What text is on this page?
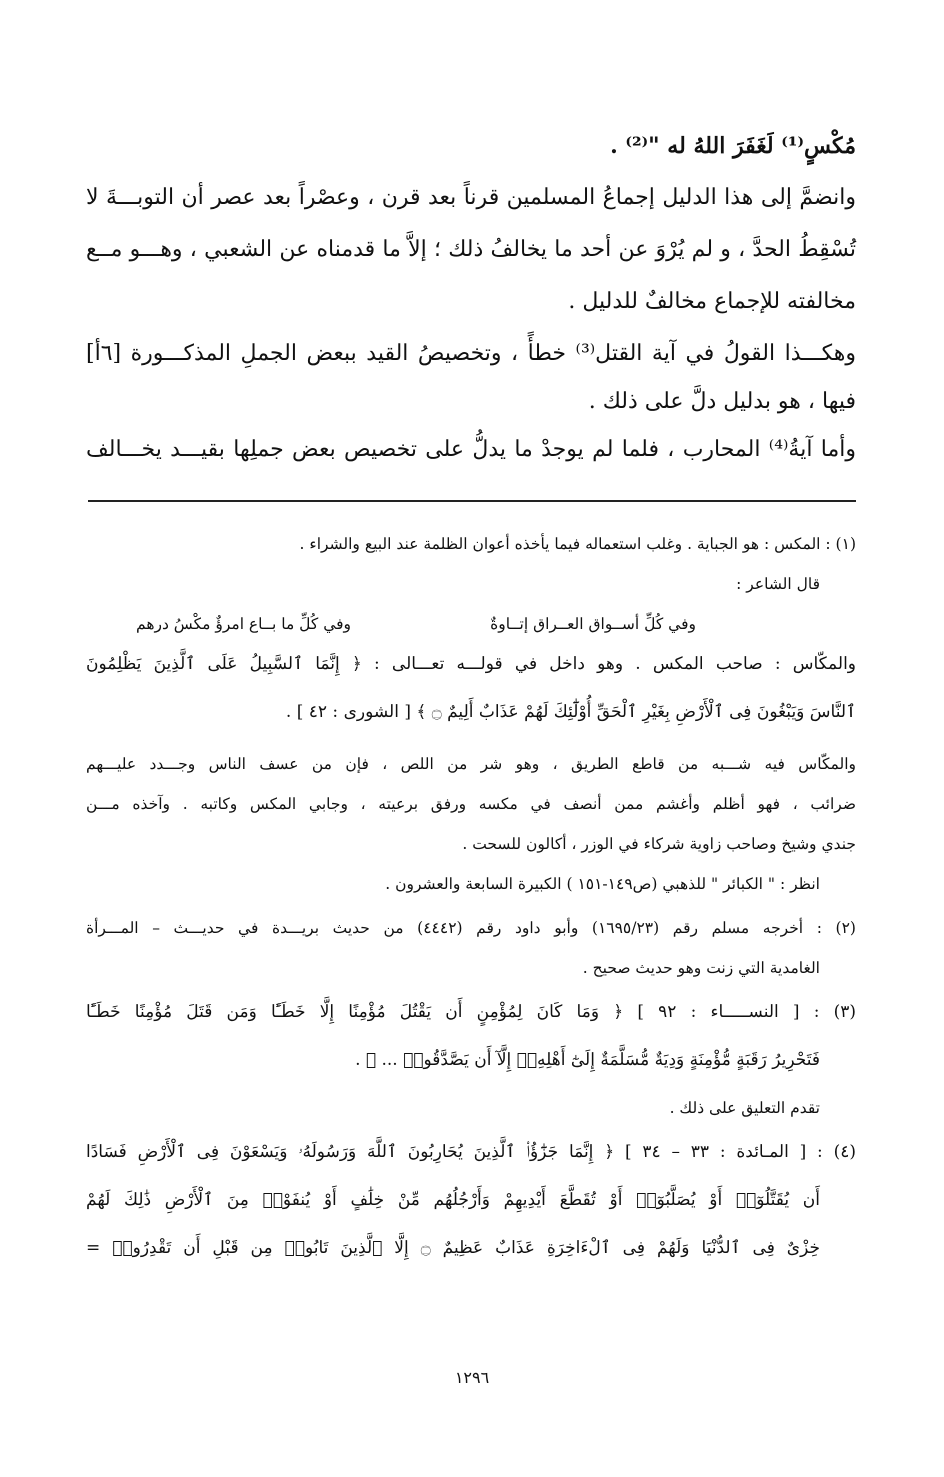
مُكْسٍ⁽¹⁾ لَغَفَرَ اللهُ له "⁽²⁾ .
وانضمَّ إلى هذا الدليل إجماعُ المسلمين قرناً بعد قرن ، وعصْراً بعد عصر أن التوبـــةَ لا
تُسْقِطُ الحدَّ ، و لم يُرْوَ عن أحد ما يخالفُ ذلك ؛ إلاَّ ما قدمناه عن الشعبي ، وهـــو مــع
مخالفته للإجماع مخالفٌ للدليل .
وهكـــذا القولُ في آية القتل⁽³⁾ خطأً ، وتخصيصُ القيد ببعض الجملِ المذكـــورة [٦أ]
فيها ، هو بدليل دلَّ على ذلك .
وأما آيةُ⁽⁴⁾ المحارب ، فلما لم يوجدْ ما يدلُّ على تخصيص بعض جملِها بقيـــد يخـــالف
(١) : المكس : هو الجباية . وغلب استعماله فيما يأخذه أعوان الظلمة عند البيع والشراء .
قال الشاعر :
وفي كُلِّ أســواق العــراق إتــاوةٌ
وفي كُلِّ ما بــاع امرؤٌ مكْسُ درهم
والمكّاس : صاحب المكس . وهو داخل في قولـــه تعـــالى : ﴿ إِنَّمَا ٱلسَّبِيلُ عَلَى ٱلَّذِينَ يَظْلِمُونَ
ٱلنَّاسَ وَيَبْغُونَ فِى ٱلْأَرْضِ بِغَيْرِ ٱلْحَقِّ أُوْلَٰٓئِكَ لَهُمْ عَذَابٌ أَلِيمٌ ۝ ﴾ [ الشورى : ٤٢ ] .
والمكّاس فيه شـــبه من قاطع الطريق ، وهو شر من اللص ، فإن من عسف الناس وجـــدد عليـــهم
ضرائب ، فهو أظلم وأغشم ممن أنصف في مكسه ورفق برعيته ، وجابي المكس وكاتبه . وآخذه مـــن
جندي وشيخ وصاحب زاوية شركاء في الوزر ، أكالون للسحت .
انظر : " الكبائر " للذهبي (ص١٤٩-١٥١ ) الكبيرة السابعة والعشرون .
(٢) : أخرجه مسلم رقم (١٦٩٥/٢٣) وأبو داود رقم (٤٤٤٢) من حديث بريـــدة في حديـــث – المـــرأة
الغامدية التي زنت وهو حديث صحيح .
(٣) : [ النســـــاء : ٩٢ ] ﴿ وَمَا كَانَ لِمُؤْمِنٍ أَن يَقْتُلَ مُؤْمِنًا إِلَّا خَطَـًٔا وَمَن قَتَلَ مُؤْمِنًا خَطَـًٔا
فَتَحْرِيرُ رَقَبَةٍ مُّؤْمِنَةٍ وَدِيَةٌ مُّسَلَّمَةٌ إِلَىٰٓ أَهْلِهِۦٓ إِلَّآ أَن يَصَّدَّقُوا۟ ... ﴾ .
تقدم التعليق على ذلك .
(٤) : [ المـائدة : ٣٣ – ٣٤ ] ﴿ إِنَّمَا جَزَٰٓؤُا۟ ٱلَّذِينَ يُحَارِبُونَ ٱللَّهَ وَرَسُولَهُۥ وَيَسْعَوْنَ فِى ٱلْأَرْضِ فَسَادًا
أَن يُقَتَّلُوٓا۟ أَوْ يُصَلَّبُوٓا۟ أَوْ تُقَطَّعَ أَيْدِيهِمْ وَأَرْجُلُهُم مِّنْ خِلَٰفٍ أَوْ يُنفَوْا۟ مِنَ ٱلْأَرْضِ ذَٰلِكَ لَهُمْ
خِزْىٌ فِى ٱلدُّنْيَا وَلَهُمْ فِى ٱلْءَاخِرَةِ عَذَابٌ عَظِيمٌ ۝ إِلَّا ٱلَّذِينَ تَابُوا۟ مِن قَبْلِ أَن تَقْدِرُوا۟ =
١٢٩٦
